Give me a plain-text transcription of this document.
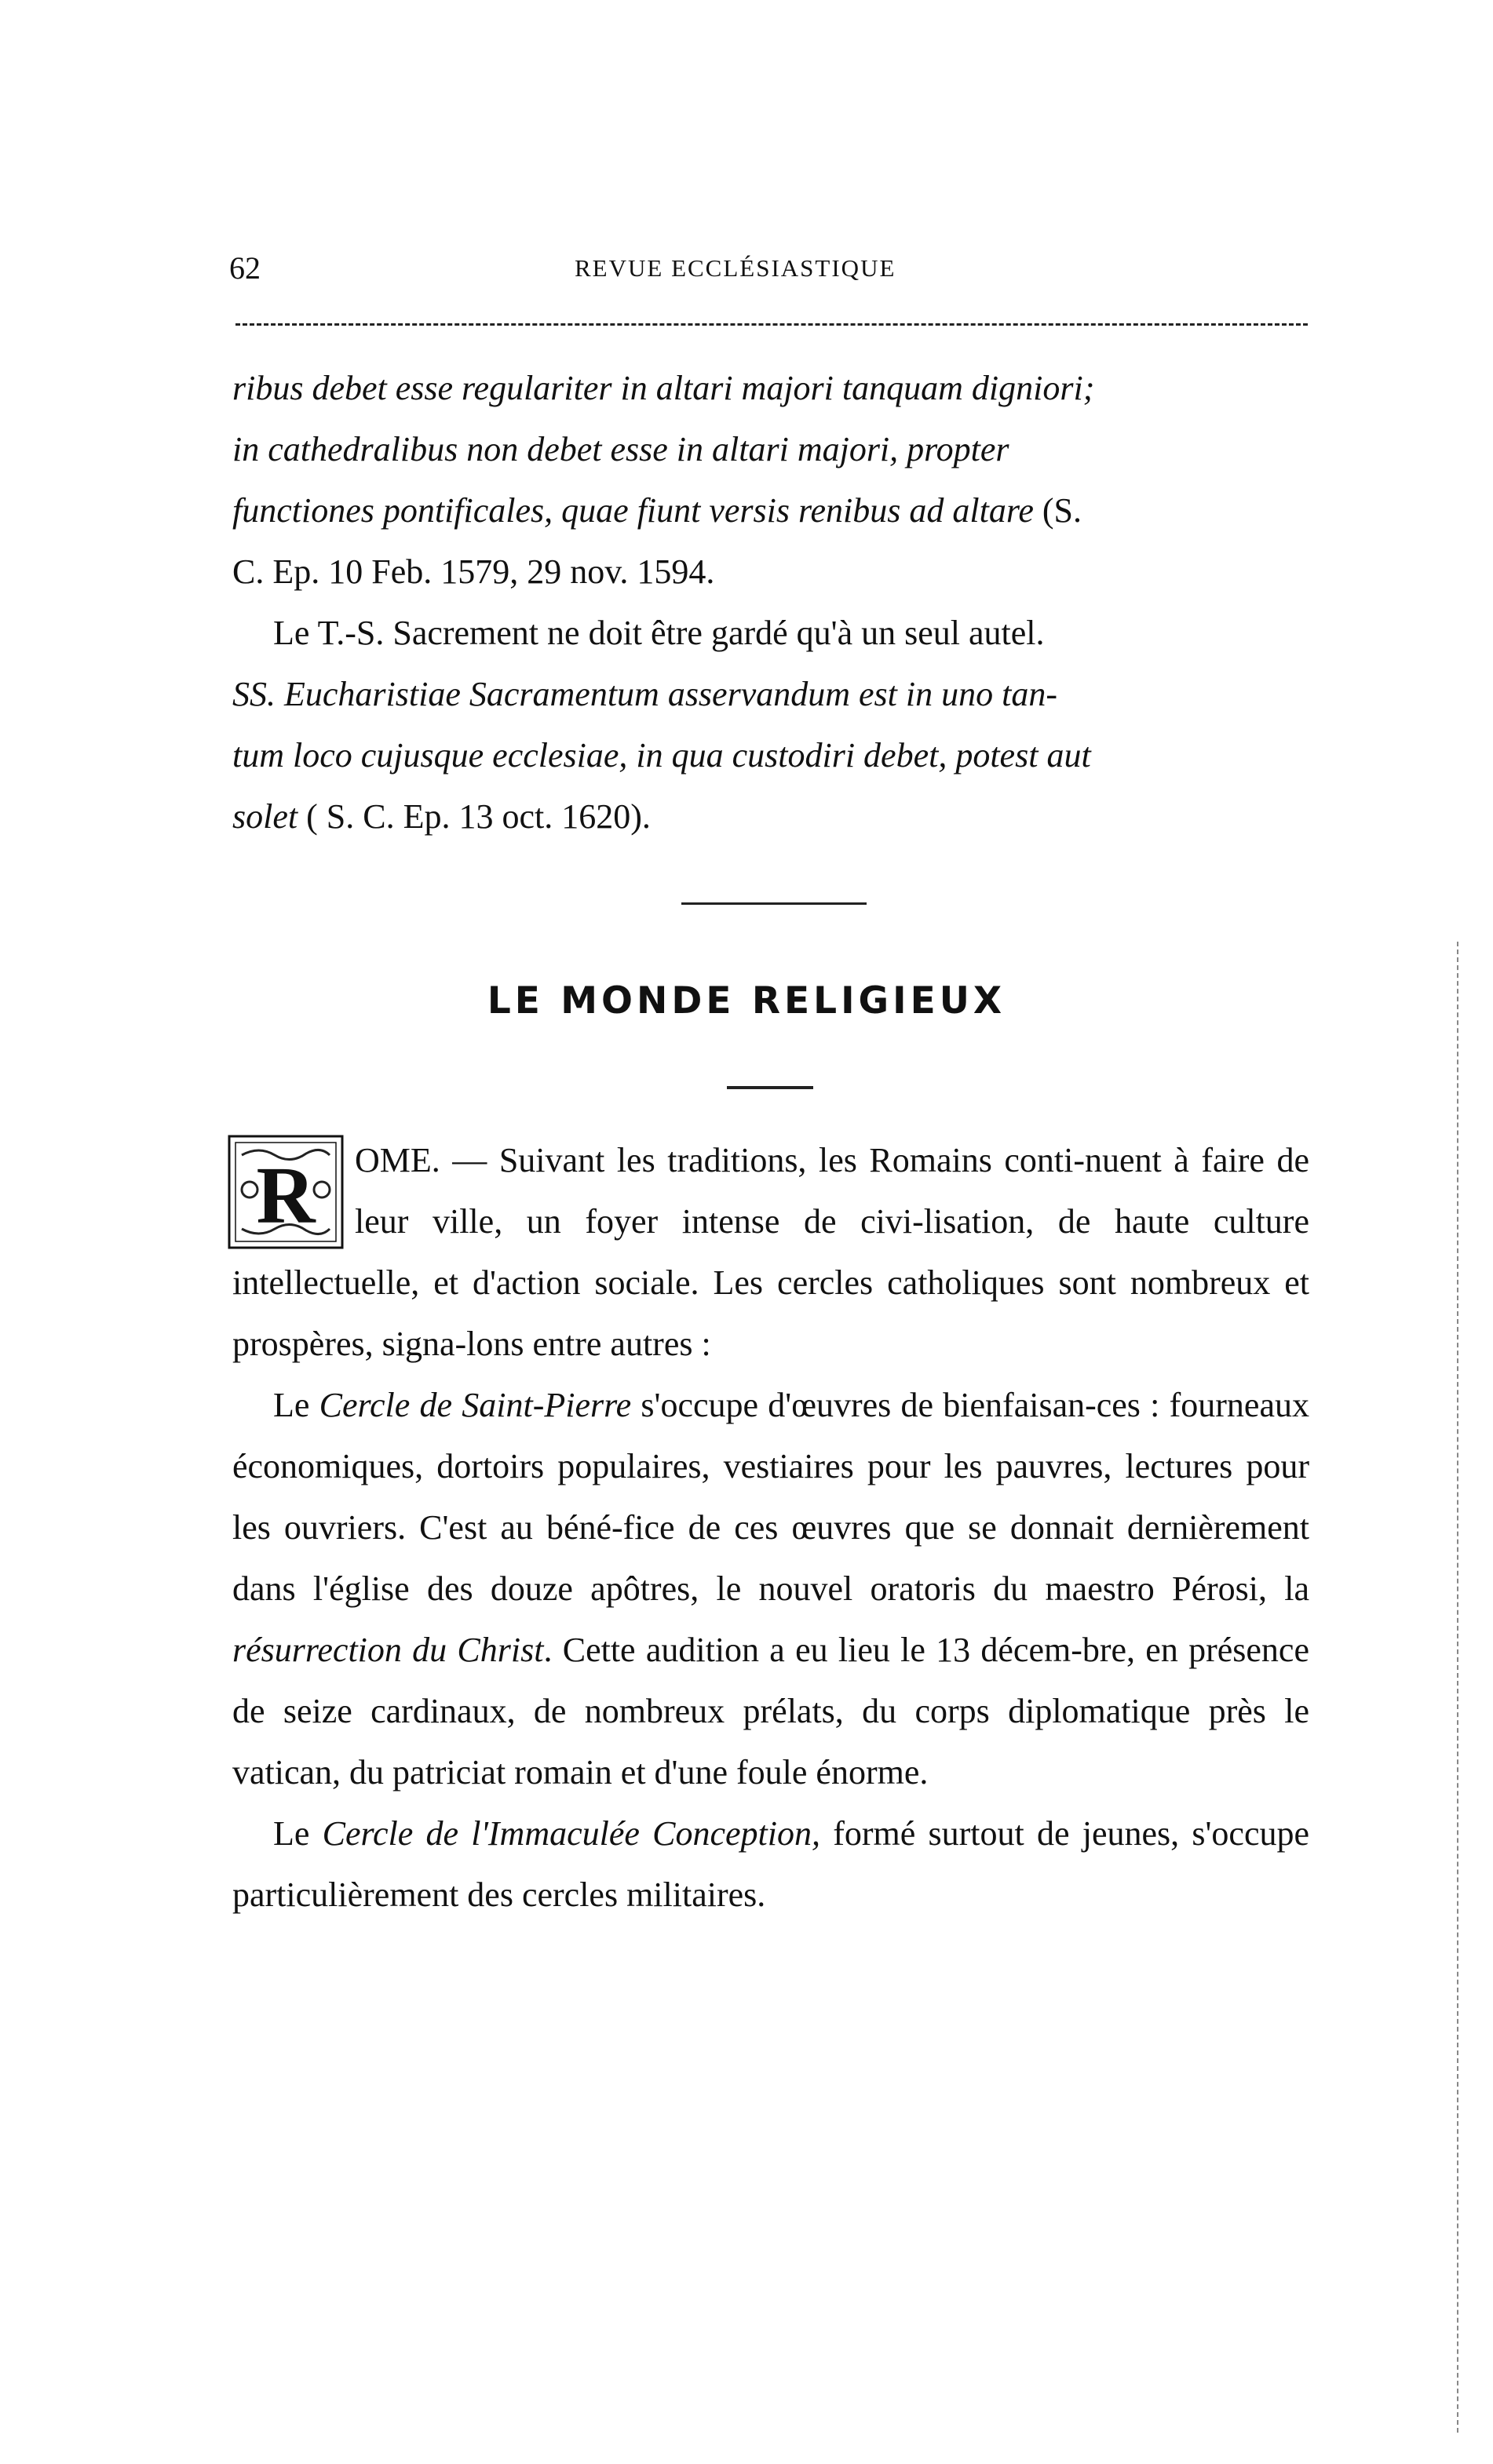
62	REVUE ECCLÉSIASTIQUE

ribus debet esse regulariter in altari majori tanquam digniori;

in cathedralibus non debet esse in altari majori, propter

functiones pontificales, quae fiunt versis renibus ad altare (S.

C. Ep. 10 Feb. 1579, 29 nov. 1594.

Le T.-S. Sacrement ne doit être gardé qu'à un seul autel.

SS. Eucharistiae Sacramentum asservandum est in uno tan-

tum loco cujusque ecclesiae, in qua custodiri debet, potest aut

solet ( S. C. Ep. 13 oct. 1620).

LE MONDE RELIGIEUX

R OME. — Suivant les traditions, les Romains conti-nuent à faire de leur ville, un foyer intense de civi-lisation, de haute culture intellectuelle, et d'action sociale. Les cercles catholiques sont nombreux et prospères, signa-lons entre autres :

Le Cercle de Saint-Pierre s'occupe d'œuvres de bienfaisan-ces : fourneaux économiques, dortoirs populaires, vestiaires pour les pauvres, lectures pour les ouvriers. C'est au béné-fice de ces œuvres que se donnait dernièrement dans l'église des douze apôtres, le nouvel oratoris du maestro Pérosi, la résurrection du Christ. Cette audition a eu lieu le 13 décem-bre, en présence de seize cardinaux, de nombreux prélats, du corps diplomatique près le vatican, du patriciat romain et d'une foule énorme.

Le Cercle de l'Immaculée Conception, formé surtout de jeunes, s'occupe particulièrement des cercles militaires.
